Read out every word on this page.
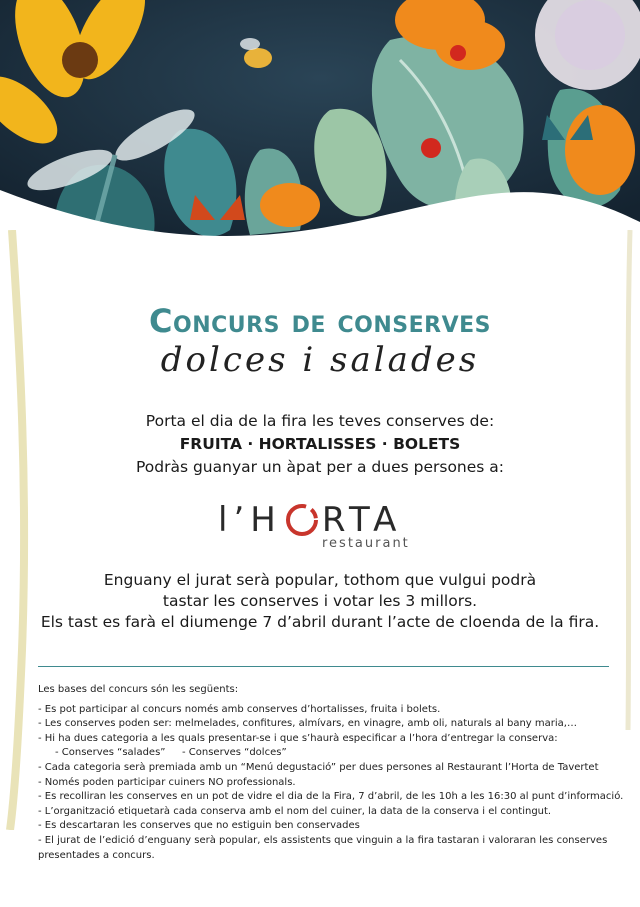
Concurs de conserves
dolces i salades
Porta el dia de la fira les teves conserves de:
FRUITA · HORTALISSES · BOLETS
Podràs guanyar un àpat per a dues persones a:
l’H RTA
restaurant
Enguany el jurat serà popular, tothom que vulgui podrà
tastar les conserves i votar les 3 millors.
Els tast es farà el diumenge 7 d’abril durant l’acte de cloenda de la fira.
Les bases del concurs són les següents:
- Es pot participar al concurs només amb conserves d’hortalisses, fruita i bolets.
- Les conserves poden ser: melmelades, confitures, almívars, en vinagre, amb oli, naturals al bany maria,…
- Hi ha dues categoria a les quals presentar-se i que s’haurà especificar a l’hora d’entregar la conserva:
- Conserves “salades” - Conserves “dolces”
- Cada categoria serà premiada amb un “Menú degustació” per dues persones al Restaurant l’Horta de Tavertet
- Només poden participar cuiners NO professionals.
- Es recolliran les conserves en un pot de vidre el dia de la Fira, 7 d’abril, de les 10h a les 16:30 al punt d’informació.
- L’organització etiquetarà cada conserva amb el nom del cuiner, la data de la conserva i el contingut.
- Es descartaran les conserves que no estiguin ben conservades
- El jurat de l’edició d’enguany serà popular, els assistents que vinguin a la fira tastaran i valoraran les conserves presentades a concurs.
